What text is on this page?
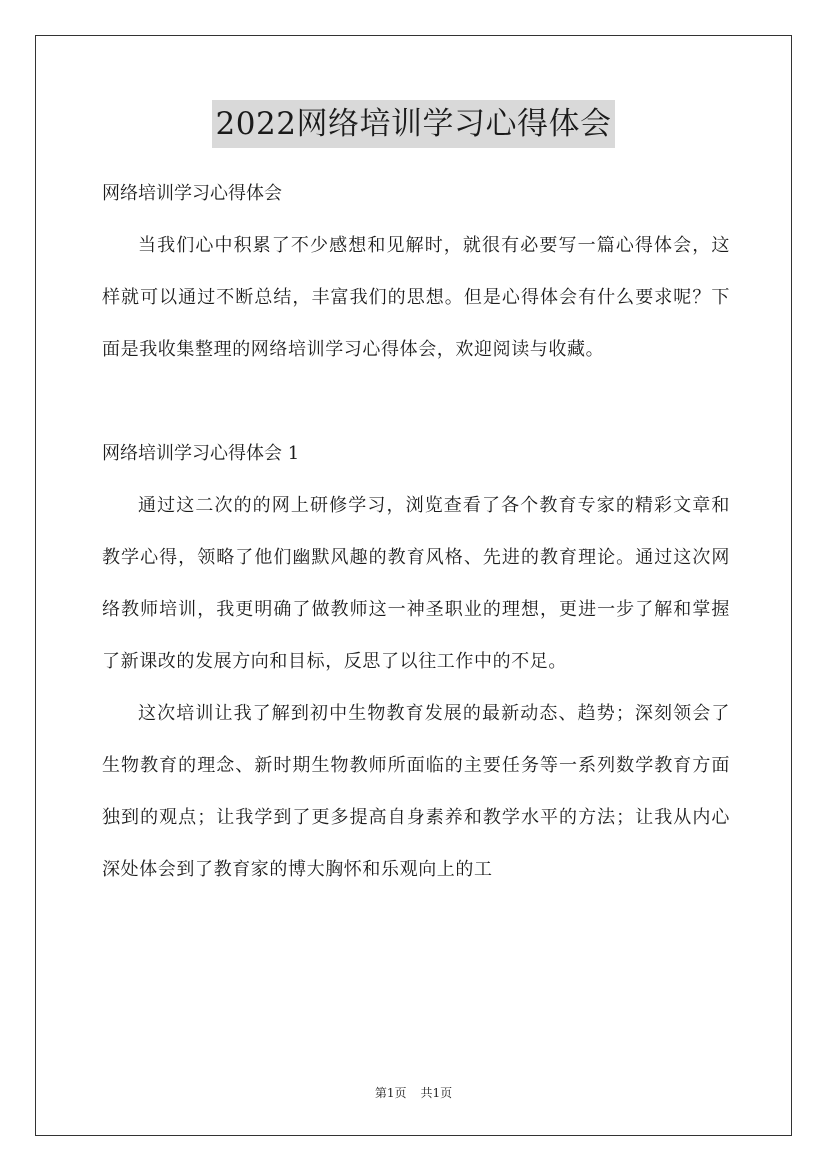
2022网络培训学习心得体会

网络培训学习心得体会

当我们心中积累了不少感想和见解时，就很有必要写一篇心得体会，这样就可以通过不断总结，丰富我们的思想。但是心得体会有什么要求呢？下面是我收集整理的网络培训学习心得体会，欢迎阅读与收藏。

网络培训学习心得体会 1

通过这二次的的网上研修学习，浏览查看了各个教育专家的精彩文章和教学心得，领略了他们幽默风趣的教育风格、先进的教育理论。通过这次网络教师培训，我更明确了做教师这一神圣职业的理想，更进一步了解和掌握了新课改的发展方向和目标，反思了以往工作中的不足。

这次培训让我了解到初中生物教育发展的最新动态、趋势；深刻领会了生物教育的理念、新时期生物教师所面临的主要任务等一系列数学教育方面独到的观点；让我学到了更多提高自身素养和教学水平的方法；让我从内心深处体会到了教育家的博大胸怀和乐观向上的工

第1页 共1页
